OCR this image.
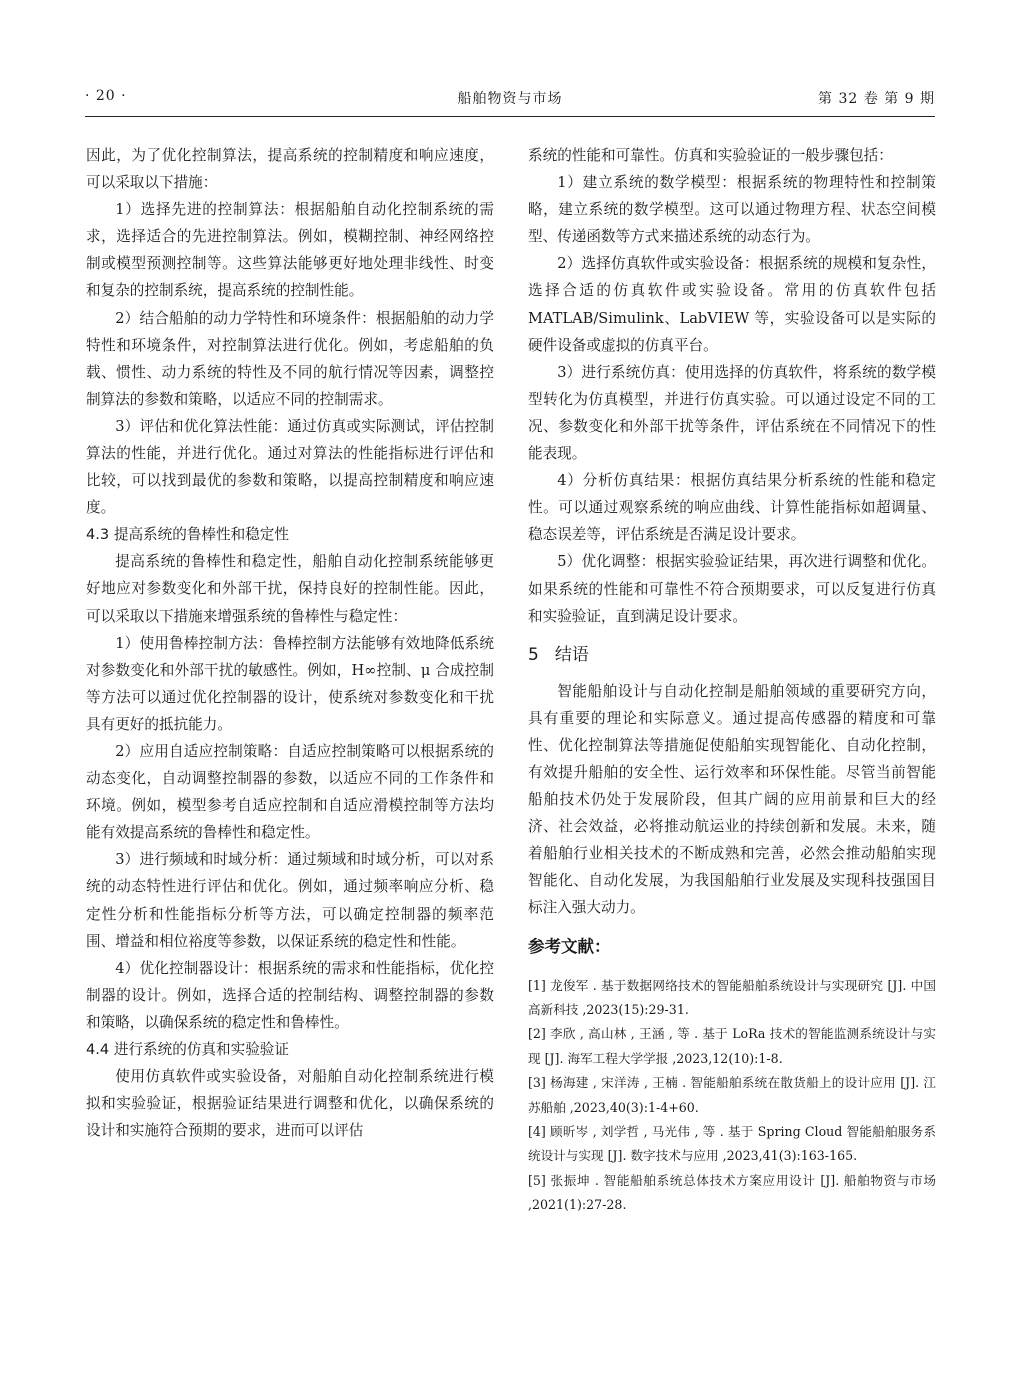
· 20 ·	船舶物资与市场	第 32 卷 第 9 期

因此，为了优化控制算法，提高系统的控制精度和响应速度，可以采取以下措施：

1）选择先进的控制算法：根据船舶自动化控制系统的需求，选择适合的先进控制算法。例如，模糊控制、神经网络控制或模型预测控制等。这些算法能够更好地处理非线性、时变和复杂的控制系统，提高系统的控制性能。

2）结合船舶的动力学特性和环境条件：根据船舶的动力学特性和环境条件，对控制算法进行优化。例如，考虑船舶的负载、惯性、动力系统的特性及不同的航行情况等因素，调整控制算法的参数和策略，以适应不同的控制需求。

3）评估和优化算法性能：通过仿真或实际测试，评估控制算法的性能，并进行优化。通过对算法的性能指标进行评估和比较，可以找到最优的参数和策略，以提高控制精度和响应速度。

4.3 提高系统的鲁棒性和稳定性

提高系统的鲁棒性和稳定性，船舶自动化控制系统能够更好地应对参数变化和外部干扰，保持良好的控制性能。因此，可以采取以下措施来增强系统的鲁棒性与稳定性：

1）使用鲁棒控制方法：鲁棒控制方法能够有效地降低系统对参数变化和外部干扰的敏感性。例如，H∞控制、μ 合成控制等方法可以通过优化控制器的设计，使系统对参数变化和干扰具有更好的抵抗能力。

2）应用自适应控制策略：自适应控制策略可以根据系统的动态变化，自动调整控制器的参数，以适应不同的工作条件和环境。例如，模型参考自适应控制和自适应滑模控制等方法均能有效提高系统的鲁棒性和稳定性。

3）进行频域和时域分析：通过频域和时域分析，可以对系统的动态特性进行评估和优化。例如，通过频率响应分析、稳定性分析和性能指标分析等方法，可以确定控制器的频率范围、增益和相位裕度等参数，以保证系统的稳定性和性能。

4）优化控制器设计：根据系统的需求和性能指标，优化控制器的设计。例如，选择合适的控制结构、调整控制器的参数和策略，以确保系统的稳定性和鲁棒性。

4.4 进行系统的仿真和实验验证

使用仿真软件或实验设备，对船舶自动化控制系统进行模拟和实验验证，根据验证结果进行调整和优化，以确保系统的设计和实施符合预期的要求，进而可以评估

系统的性能和可靠性。仿真和实验验证的一般步骤包括：

1）建立系统的数学模型：根据系统的物理特性和控制策略，建立系统的数学模型。这可以通过物理方程、状态空间模型、传递函数等方式来描述系统的动态行为。

2）选择仿真软件或实验设备：根据系统的规模和复杂性，选择合适的仿真软件或实验设备。常用的仿真软件包括 MATLAB/Simulink、LabVIEW 等，实验设备可以是实际的硬件设备或虚拟的仿真平台。

3）进行系统仿真：使用选择的仿真软件，将系统的数学模型转化为仿真模型，并进行仿真实验。可以通过设定不同的工况、参数变化和外部干扰等条件，评估系统在不同情况下的性能表现。

4）分析仿真结果：根据仿真结果分析系统的性能和稳定性。可以通过观察系统的响应曲线、计算性能指标如超调量、稳态误差等，评估系统是否满足设计要求。

5）优化调整：根据实验验证结果，再次进行调整和优化。如果系统的性能和可靠性不符合预期要求，可以反复进行仿真和实验验证，直到满足设计要求。

5 结语

智能船舶设计与自动化控制是船舶领域的重要研究方向，具有重要的理论和实际意义。通过提高传感器的精度和可靠性、优化控制算法等措施促使船舶实现智能化、自动化控制，有效提升船舶的安全性、运行效率和环保性能。尽管当前智能船舶技术仍处于发展阶段，但其广阔的应用前景和巨大的经济、社会效益，必将推动航运业的持续创新和发展。未来，随着船舶行业相关技术的不断成熟和完善，必然会推动船舶实现智能化、自动化发展，为我国船舶行业发展及实现科技强国目标注入强大动力。

参考文献：

[1] 龙俊军 . 基于数据网络技术的智能船舶系统设计与实现研究 [J]. 中国高新科技 ,2023(15):29-31.

[2] 李欣 , 高山林 , 王涵 , 等 . 基于 LoRa 技术的智能监测系统设计与实现 [J]. 海军工程大学学报 ,2023,12(10):1-8.

[3] 杨海建 , 宋洋涛 , 王楠 . 智能船舶系统在散货船上的设计应用 [J]. 江苏船舶 ,2023,40(3):1-4+60.

[4] 顾昕岑 , 刘学哲 , 马光伟 , 等 . 基于 Spring Cloud 智能船舶服务系统设计与实现 [J]. 数字技术与应用 ,2023,41(3):163-165.

[5] 张振坤 . 智能船舶系统总体技术方案应用设计 [J]. 船舶物资与市场 ,2021(1):27-28.
